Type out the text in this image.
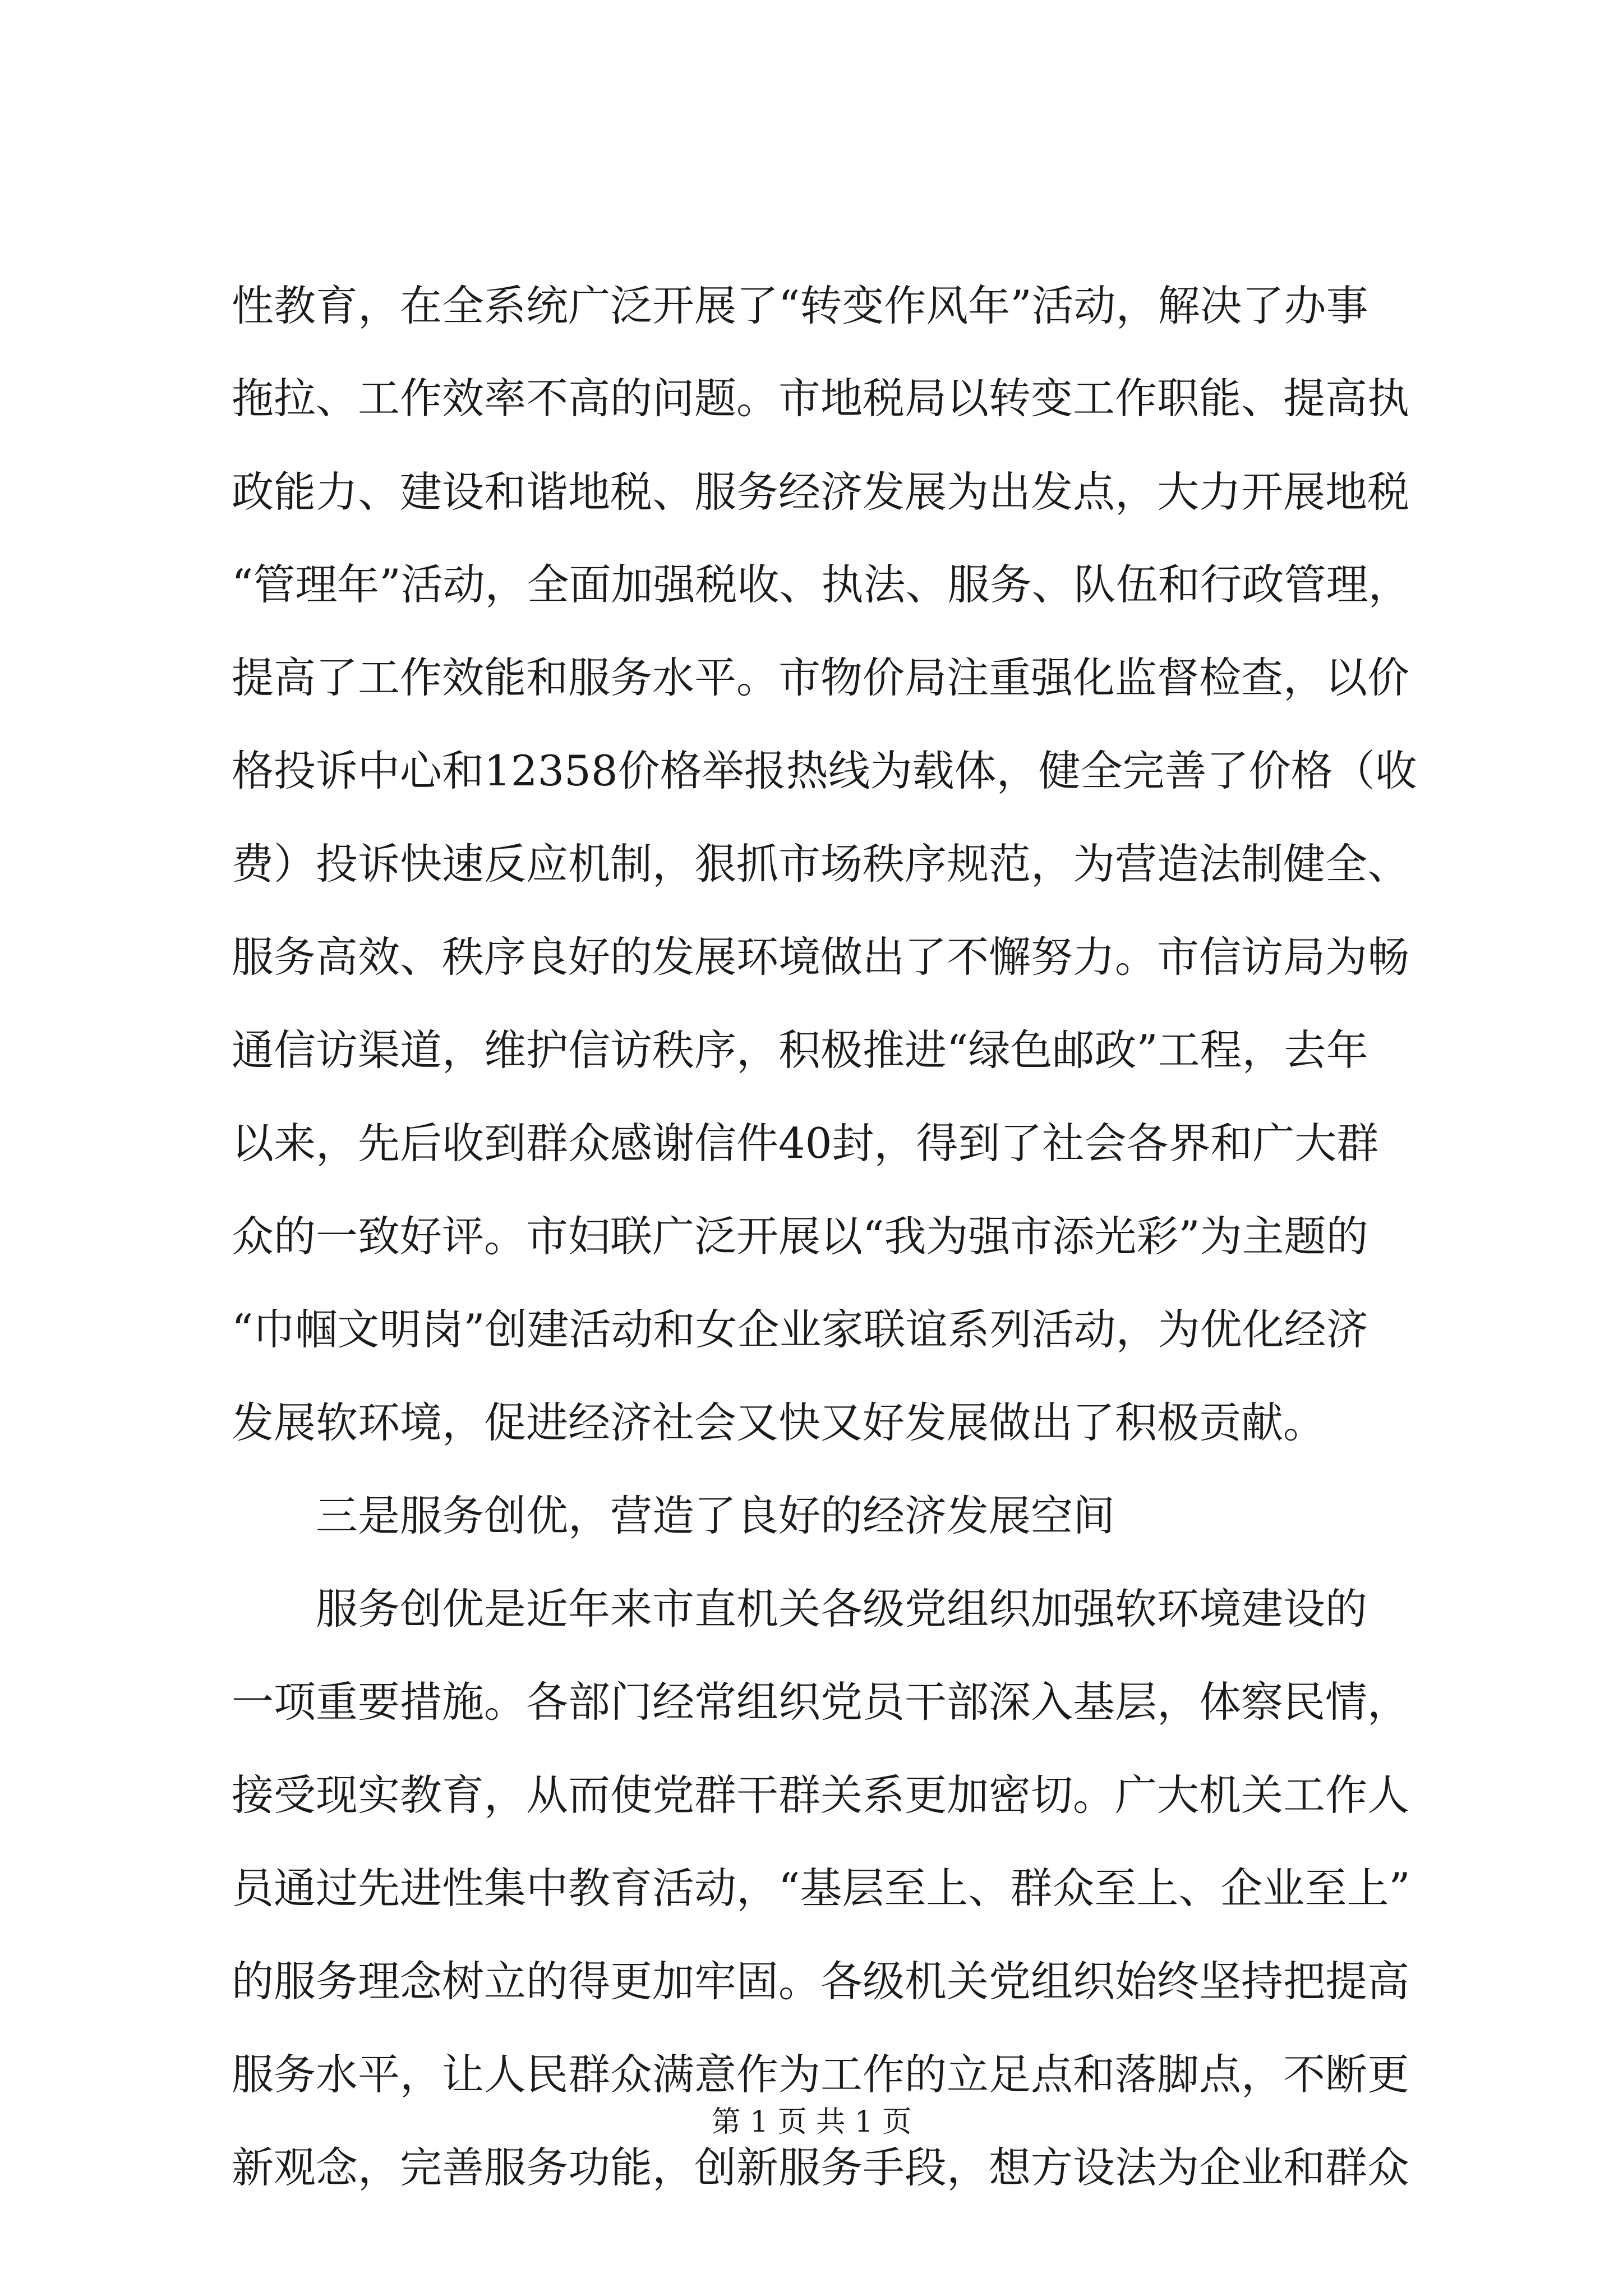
性教育，在全系统广泛开展了“转变作风年”活动，解决了办事
拖拉、工作效率不高的问题。市地税局以转变工作职能、提高执
政能力、建设和谐地税、服务经济发展为出发点，大力开展地税
“管理年”活动，全面加强税收、执法、服务、队伍和行政管理，
提高了工作效能和服务水平。市物价局注重强化监督检查，以价
格投诉中心和12358价格举报热线为载体，健全完善了价格（收
费）投诉快速反应机制，狠抓市场秩序规范，为营造法制健全、
服务高效、秩序良好的发展环境做出了不懈努力。市信访局为畅
通信访渠道，维护信访秩序，积极推进“绿色邮政”工程，去年
以来，先后收到群众感谢信件40封，得到了社会各界和广大群
众的一致好评。市妇联广泛开展以“我为强市添光彩”为主题的
“巾帼文明岗”创建活动和女企业家联谊系列活动，为优化经济
发展软环境，促进经济社会又快又好发展做出了积极贡献。
三是服务创优，营造了良好的经济发展空间
服务创优是近年来市直机关各级党组织加强软环境建设的
一项重要措施。各部门经常组织党员干部深入基层，体察民情，
接受现实教育，从而使党群干群关系更加密切。广大机关工作人
员通过先进性集中教育活动，“基层至上、群众至上、企业至上”
的服务理念树立的得更加牢固。各级机关党组织始终坚持把提高
服务水平，让人民群众满意作为工作的立足点和落脚点，不断更
新观念，完善服务功能，创新服务手段，想方设法为企业和群众
第 1 页 共 1 页
